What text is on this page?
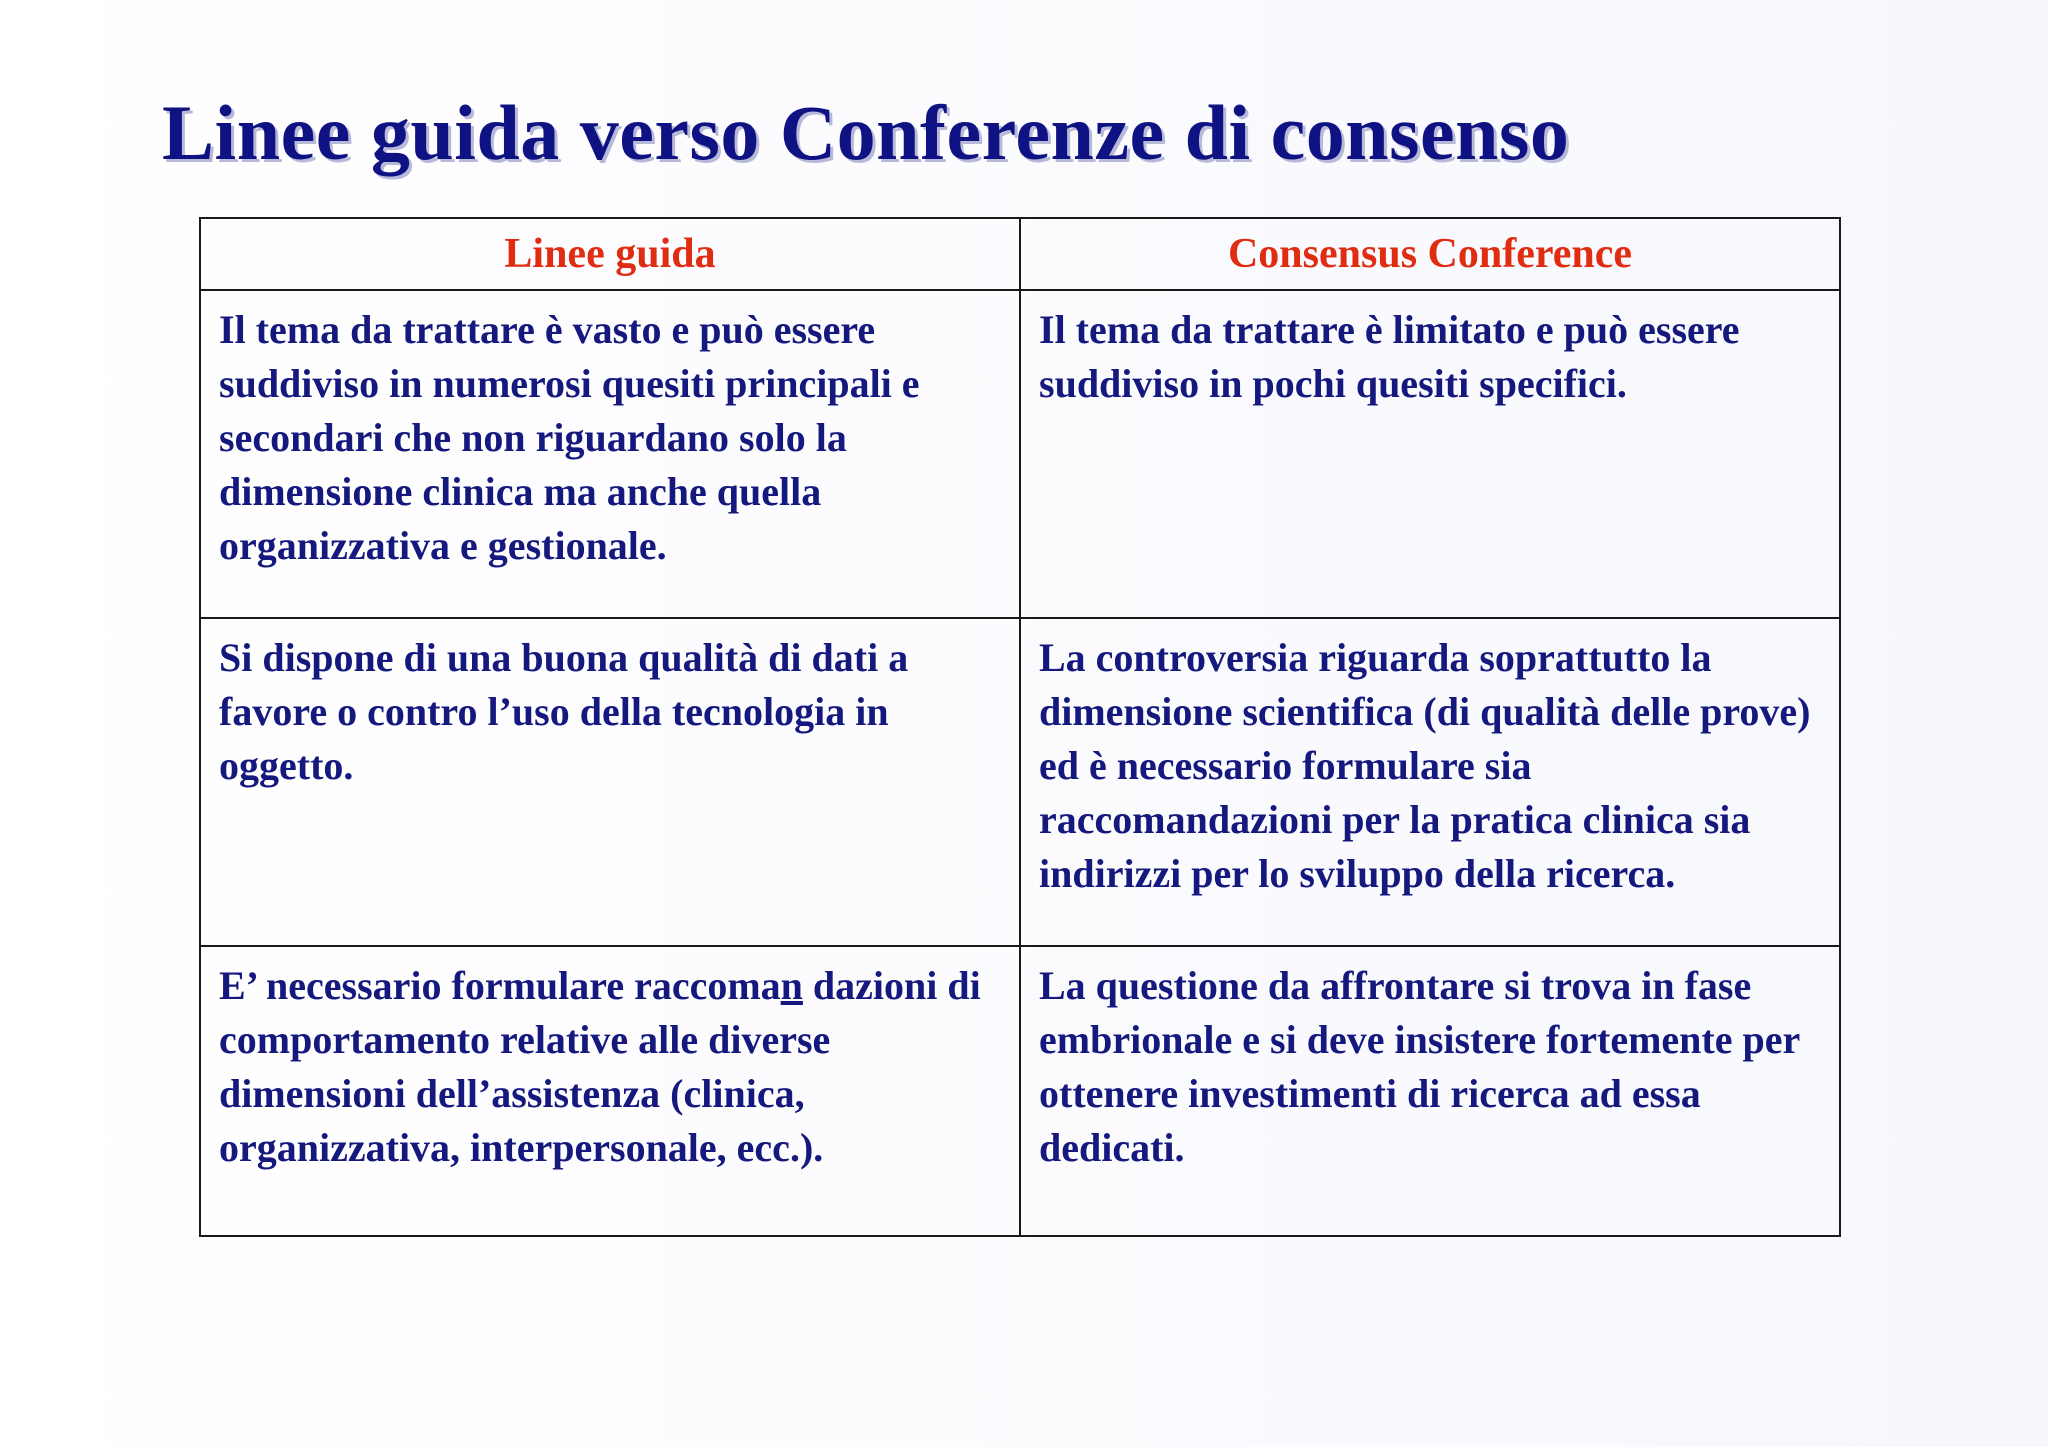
Linee guida verso Conferenze di consenso
Linee guida	Consensus Conference
Il tema da trattare è vasto e può essere suddiviso in numerosi quesiti principali e secondari che non riguardano solo la dimensione clinica ma anche quella organizzativa e gestionale.	Il tema da trattare è limitato e può essere suddiviso in pochi quesiti specifici.
Si dispone di una buona qualità di dati a favore o contro l’uso della tecnologia in oggetto.	La controversia riguarda soprattutto la dimensione scientifica (di qualità delle prove) ed è necessario formulare sia raccomandazioni per la pratica clinica sia indirizzi per lo sviluppo della ricerca.
E’ necessario formulare raccoman dazioni di comportamento relative alle diverse dimensioni dell’assistenza (clinica, organizzativa, interpersonale, ecc.).	La questione da affrontare si trova in fase embrionale e si deve insistere fortemente per ottenere investimenti di ricerca ad essa dedicati.
